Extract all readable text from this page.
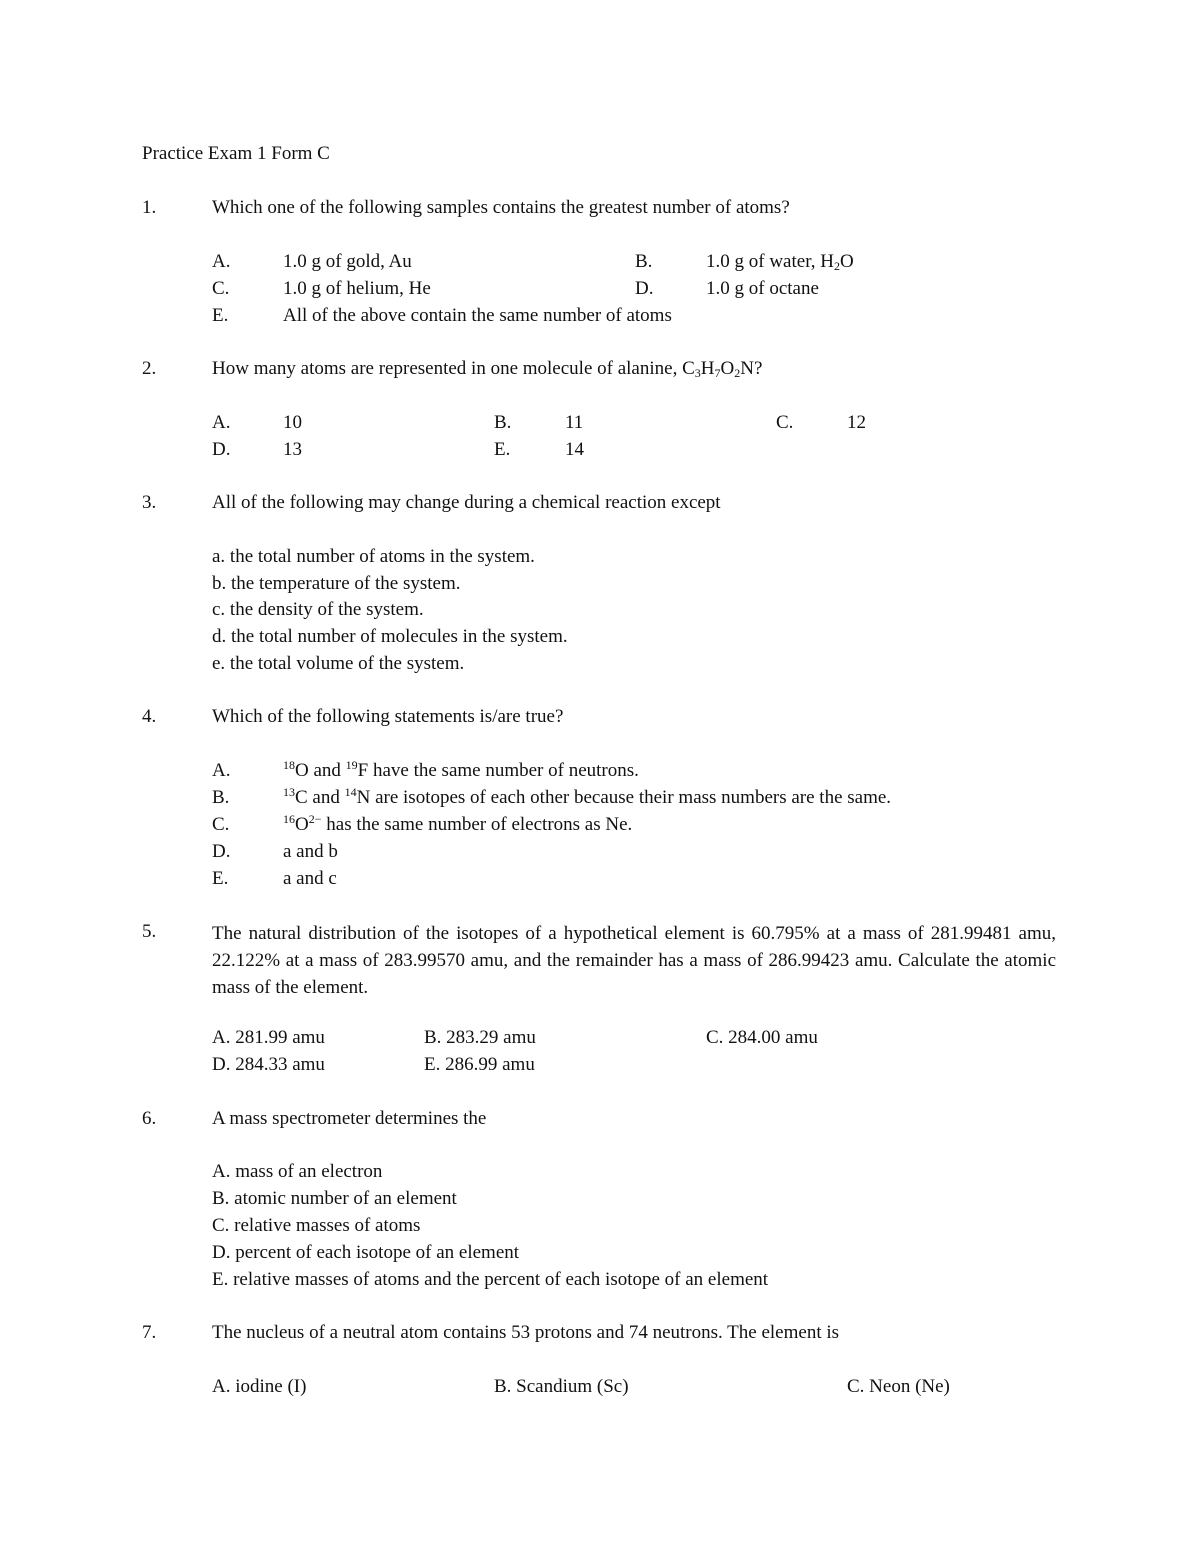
Practice Exam 1 Form C
1.	Which one of the following samples contains the greatest number of atoms?
A.	1.0 g of gold, Au	B.	1.0 g of water, $H_2O$
C.	1.0 g of helium, He	D.	1.0 g of octane
E.	All of the above contain the same number of atoms
2.	How many atoms are represented in one molecule of alanine, $C_3H_7O_2N$?
A.	10	B.	11	C.	12
D.	13	E.	14
3.	All of the following may change during a chemical reaction except
a. the total number of atoms in the system.
b. the temperature of the system.
c. the density of the system.
d. the total number of molecules in the system.
e. the total volume of the system.
4.	Which of the following statements is/are true?
A.	$^{18}$O and $^{19}$F have the same number of neutrons.
B.	$^{13}$C and $^{14}$N are isotopes of each other because their mass numbers are the same.
C.	$^{16}O^{2-}$ has the same number of electrons as Ne.
D.	a and b
E.	a and c
5.	The natural distribution of the isotopes of a hypothetical element is 60.795% at a mass of 281.99481 amu, 22.122% at a mass of 283.99570 amu, and the remainder has a mass of 286.99423 amu. Calculate the atomic mass of the element.
A. 281.99 amu	B. 283.29 amu	C. 284.00 amu
D. 284.33 amu	E. 286.99 amu
6.	A mass spectrometer determines the
A. mass of an electron
B. atomic number of an element
C. relative masses of atoms
D. percent of each isotope of an element
E. relative masses of atoms and the percent of each isotope of an element
7.	The nucleus of a neutral atom contains 53 protons and 74 neutrons. The element is
A. iodine (I)	B. Scandium (Sc)	C. Neon (Ne)
